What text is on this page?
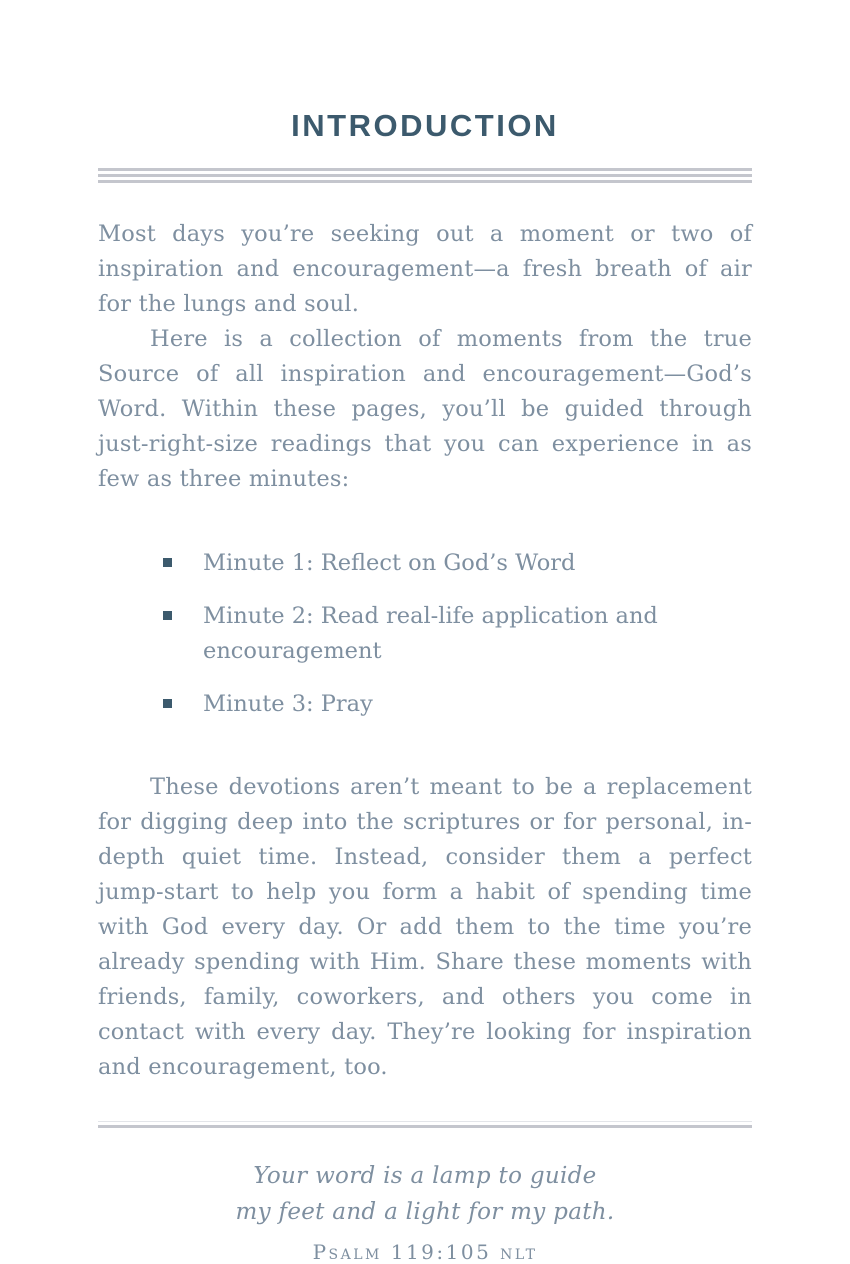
INTRODUCTION

Most days you’re seeking out a moment or two of inspiration and encouragement—a fresh breath of air for the lungs and soul.

Here is a collection of moments from the true Source of all inspiration and encouragement—God’s Word. Within these pages, you’ll be guided through just-right-size readings that you can experience in as few as three minutes:

Minute 1: Reflect on God’s Word
Minute 2: Read real-life application and encouragement
Minute 3: Pray

These devotions aren’t meant to be a replacement for digging deep into the scriptures or for personal, in-depth quiet time. Instead, consider them a perfect jump-start to help you form a habit of spending time with God every day. Or add them to the time you’re already spending with Him. Share these moments with friends, family, coworkers, and others you come in contact with every day. They’re looking for inspiration and encouragement, too.

Your word is a lamp to guide

my feet and a light for my path.

Psalm 119:105 nlt
